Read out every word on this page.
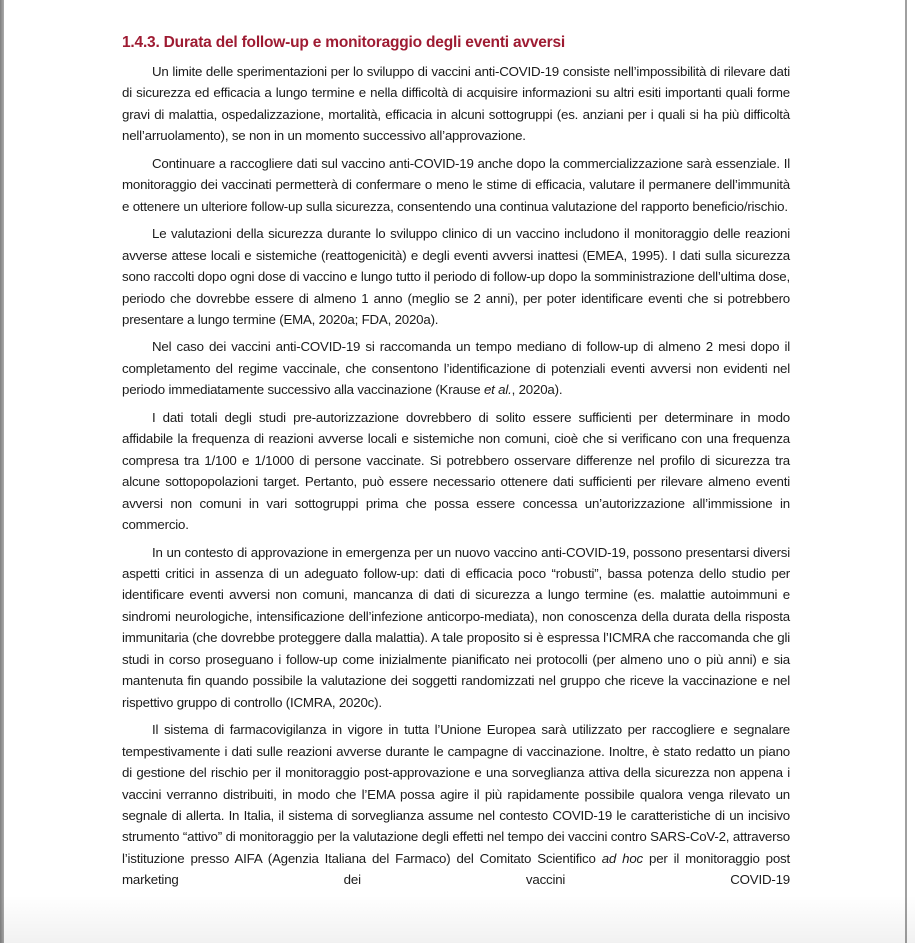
1.4.3. Durata del follow-up e monitoraggio degli eventi avversi

Un limite delle sperimentazioni per lo sviluppo di vaccini anti-COVID-19 consiste nell’impossibilità di rilevare dati di sicurezza ed efficacia a lungo termine e nella difficoltà di acquisire informazioni su altri esiti importanti quali forme gravi di malattia, ospedalizzazione, mortalità, efficacia in alcuni sottogruppi (es. anziani per i quali si ha più difficoltà nell’arruolamento), se non in un momento successivo all’approvazione.

Continuare a raccogliere dati sul vaccino anti-COVID-19 anche dopo la commercializzazione sarà essenziale. Il monitoraggio dei vaccinati permetterà di confermare o meno le stime di efficacia, valutare il permanere dell’immunità e ottenere un ulteriore follow-up sulla sicurezza, consentendo una continua valutazione del rapporto beneficio/rischio.

Le valutazioni della sicurezza durante lo sviluppo clinico di un vaccino includono il monitoraggio delle reazioni avverse attese locali e sistemiche (reattogenicità) e degli eventi avversi inattesi (EMEA, 1995). I dati sulla sicurezza sono raccolti dopo ogni dose di vaccino e lungo tutto il periodo di follow-up dopo la somministrazione dell’ultima dose, periodo che dovrebbe essere di almeno 1 anno (meglio se 2 anni), per poter identificare eventi che si potrebbero presentare a lungo termine (EMA, 2020a; FDA, 2020a).

Nel caso dei vaccini anti-COVID-19 si raccomanda un tempo mediano di follow-up di almeno 2 mesi dopo il completamento del regime vaccinale, che consentono l’identificazione di potenziali eventi avversi non evidenti nel periodo immediatamente successivo alla vaccinazione (Krause et al., 2020a).

I dati totali degli studi pre-autorizzazione dovrebbero di solito essere sufficienti per determinare in modo affidabile la frequenza di reazioni avverse locali e sistemiche non comuni, cioè che si verificano con una frequenza compresa tra 1/100 e 1/1000 di persone vaccinate. Si potrebbero osservare differenze nel profilo di sicurezza tra alcune sottopopolazioni target. Pertanto, può essere necessario ottenere dati sufficienti per rilevare almeno eventi avversi non comuni in vari sottogruppi prima che possa essere concessa un’autorizzazione all’immissione in commercio.

In un contesto di approvazione in emergenza per un nuovo vaccino anti-COVID-19, possono presentarsi diversi aspetti critici in assenza di un adeguato follow-up: dati di efficacia poco “robusti”, bassa potenza dello studio per identificare eventi avversi non comuni, mancanza di dati di sicurezza a lungo termine (es. malattie autoimmuni e sindromi neurologiche, intensificazione dell’infezione anticorpo-mediata), non conoscenza della durata della risposta immunitaria (che dovrebbe proteggere dalla malattia). A tale proposito si è espressa l’ICMRA che raccomanda che gli studi in corso proseguano i follow-up come inizialmente pianificato nei protocolli (per almeno uno o più anni) e sia mantenuta fin quando possibile la valutazione dei soggetti randomizzati nel gruppo che riceve la vaccinazione e nel rispettivo gruppo di controllo (ICMRA, 2020c).

Il sistema di farmacovigilanza in vigore in tutta l’Unione Europea sarà utilizzato per raccogliere e segnalare tempestivamente i dati sulle reazioni avverse durante le campagne di vaccinazione. Inoltre, è stato redatto un piano di gestione del rischio per il monitoraggio post-approvazione e una sorveglianza attiva della sicurezza non appena i vaccini verranno distribuiti, in modo che l’EMA possa agire il più rapidamente possibile qualora venga rilevato un segnale di allerta. In Italia, il sistema di sorveglianza assume nel contesto COVID-19 le caratteristiche di un incisivo strumento “attivo” di monitoraggio per la valutazione degli effetti nel tempo dei vaccini contro SARS-CoV-2, attraverso l’istituzione presso AIFA (Agenzia Italiana del Farmaco) del Comitato Scientifico ad hoc per il monitoraggio post marketing dei vaccini COVID-19
